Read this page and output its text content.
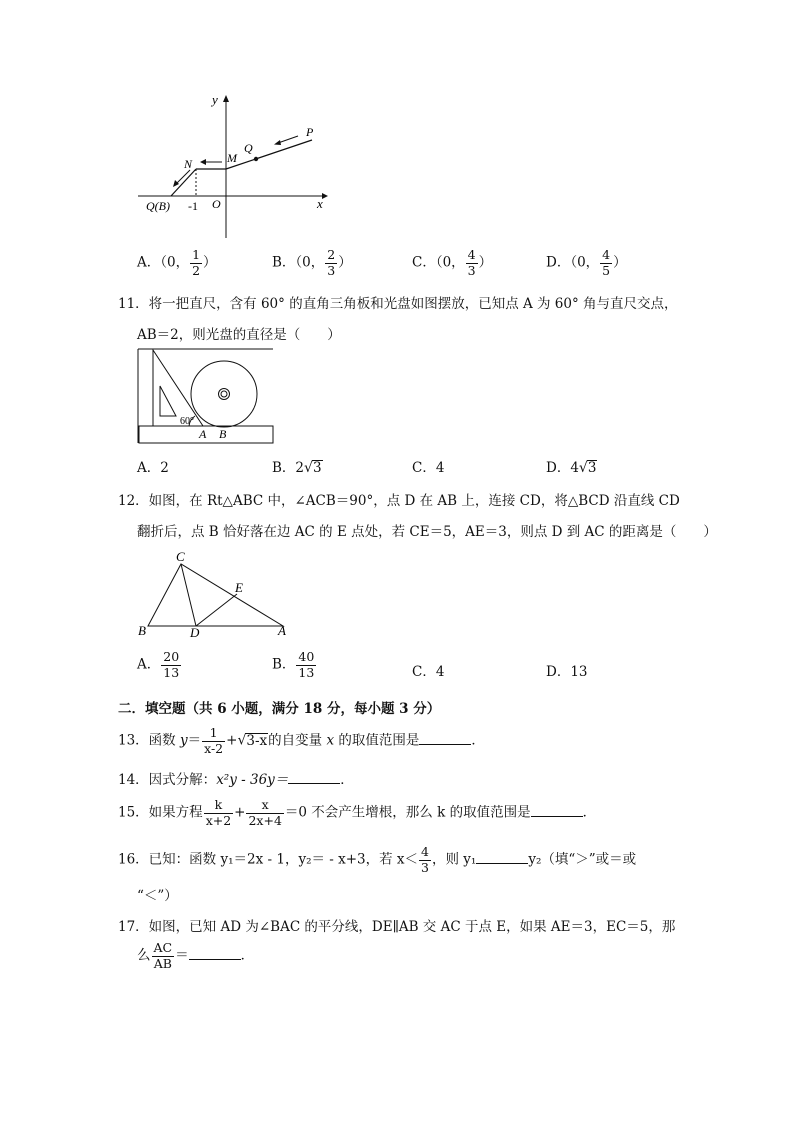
y
x
P
Q
M
N
Q(B) -1 O
A．（0， $\frac{1}{2}$ ）	B．（0， $\frac{2}{3}$ ）	C．（0， $\frac{4}{3}$ ）	D．（0， $\frac{4}{5}$ ）
11．将一把直尺，含有 60° 的直角三角板和光盘如图摆放，已知点 A 为 60° 角与直尺交点，
AB＝2，则光盘的直径是（　　）
60°
A B
A．2	B．2√3	C．4	D．4√3
12．如图，在 Rt△ABC 中，∠ACB＝90°，点 D 在 AB 上，连接 CD，将△BCD 沿直线 CD
翻折后，点 B 恰好落在边 AC 的 E 点处，若 CE＝5，AE＝3，则点 D 到 AC 的距离是（　　）
C
E
B	D	A
A． $\frac{20}{13}$	B． $\frac{40}{13}$	C．4	D．13
二．填空题（共 6 小题，满分 18 分，每小题 3 分）
13．函数 $y= \frac{1}{x-2} +√3-x$的自变量 x 的取值范围是	．
14．因式分解：x²y - 36y＝	．
15．如果方程 $\frac{k}{x+2} + \frac{x}{2x+4} =0$ 不会产生增根，那么 k 的取值范围是	．
16．已知：函数 y₁＝2x - 1，y₂＝ - x+3，若 $x< \frac{4}{3}$ ，则 y₁	y₂（填“＞”或＝或
“＜”）
17．如图，已知 AD 为∠BAC 的平分线，DE∥AB 交 AC 于点 E，如果 AE＝3，EC＝5，那
么 $\frac{AC}{AB}$ ＝	．
